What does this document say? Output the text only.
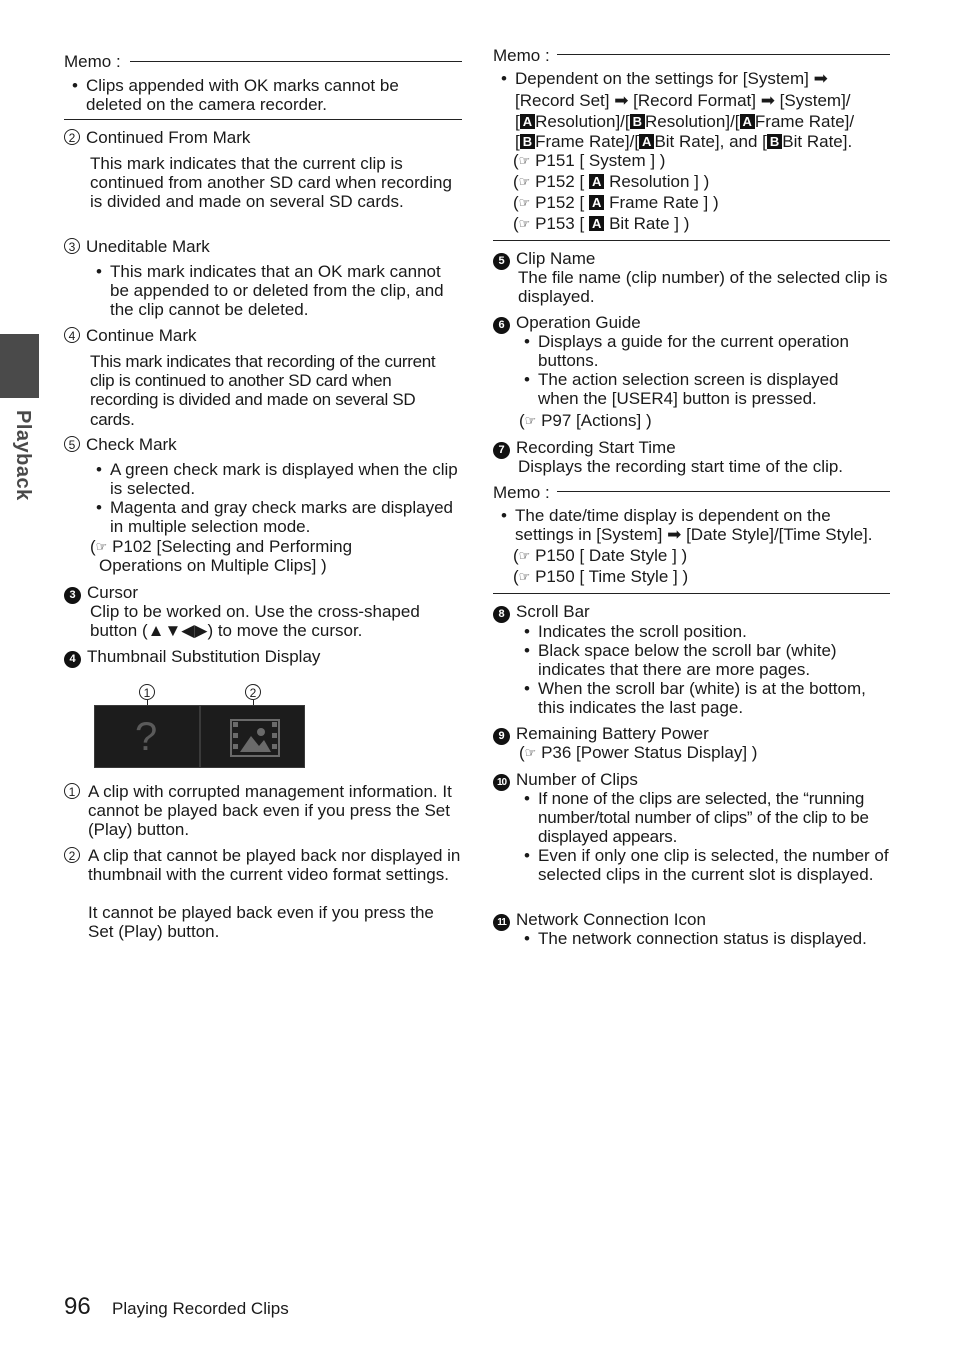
Playback
Memo :
• Clips appended with OK marks cannot be deleted on the camera recorder.
2 Continued From Mark
This mark indicates that the current clip is continued from another SD card when recording is divided and made on several SD cards.
3 Uneditable Mark
• This mark indicates that an OK mark cannot be appended to or deleted from the clip, and the clip cannot be deleted.
4 Continue Mark
This mark indicates that recording of the current clip is continued to another SD card when recording is divided and made on several SD cards.
5 Check Mark
• A green check mark is displayed when the clip is selected.
• Magenta and gray check marks are displayed in multiple selection mode.
(☞ P102 [Selecting and Performing Operations on Multiple Clips] )
3 Cursor
Clip to be worked on. Use the cross-shaped
button (▲▼◀▶) to move the cursor.
4 Thumbnail Substitution Display
1	2
?
1 A clip with corrupted management information. It cannot be played back even if you press the Set (Play) button.
2 A clip that cannot be played back nor displayed in thumbnail with the current video format settings.
It cannot be played back even if you press the Set (Play) button.
Memo :
• Dependent on the settings for [System] ➡
[Record Set] ➡ [Record Format] ➡ [System]/
[ A Resolution]/[ B Resolution]/[ A Frame Rate]/
[ B Frame Rate]/[ A Bit Rate], and [ B Bit Rate].
(☞ P151 [ System ] )
(☞ P152 [ A Resolution ] )
(☞ P152 [ A Frame Rate ] )
(☞ P153 [ A Bit Rate ] )
5 Clip Name
The file name (clip number) of the selected clip is displayed.
6 Operation Guide
• Displays a guide for the current operation buttons.
• The action selection screen is displayed when the [USER4] button is pressed.
(☞ P97 [Actions] )
7 Recording Start Time
Displays the recording start time of the clip.
Memo :
• The date/time display is dependent on the settings in [System] ➡ [Date Style]/[Time Style].
(☞ P150 [ Date Style ] )
(☞ P150 [ Time Style ] )
8 Scroll Bar
• Indicates the scroll position.
• Black space below the scroll bar (white) indicates that there are more pages.
• When the scroll bar (white) is at the bottom, this indicates the last page.
9 Remaining Battery Power
(☞ P36 [Power Status Display] )
10 Number of Clips
• If none of the clips are selected, the “running number/total number of clips” of the clip to be displayed appears.
• Even if only one clip is selected, the number of selected clips in the current slot is displayed.
11 Network Connection Icon
• The network connection status is displayed.
96 Playing Recorded Clips
